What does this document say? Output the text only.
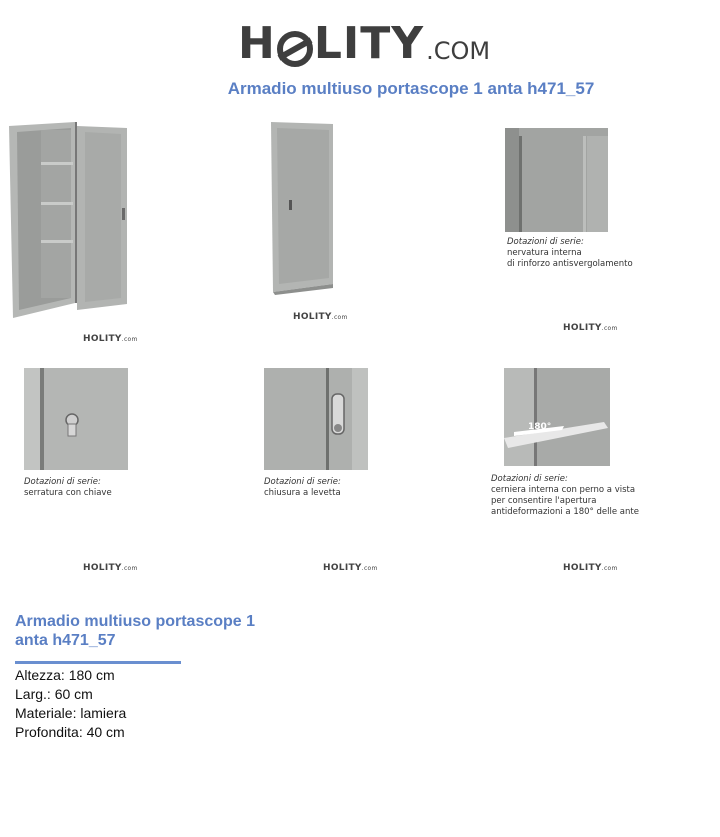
H LITY .COM
Armadio multiuso portascope 1 anta h471_57
HOLITY.com
HOLITY.com
Dotazioni di serie:
nervatura interna
di rinforzo antisvergolamento
HOLITY.com
Dotazioni di serie:
serratura con chiave
HOLITY.com
Dotazioni di serie:
chiusura a levetta
HOLITY.com
180°
Dotazioni di serie:
cerniera interna con perno a vista
per consentire l'apertura
antideformazioni a 180° delle ante
HOLITY.com
Armadio multiuso portascope 1 anta h471_57
Altezza: 180 cm
Larg.: 60 cm
Materiale: lamiera
Profondita: 40 cm
